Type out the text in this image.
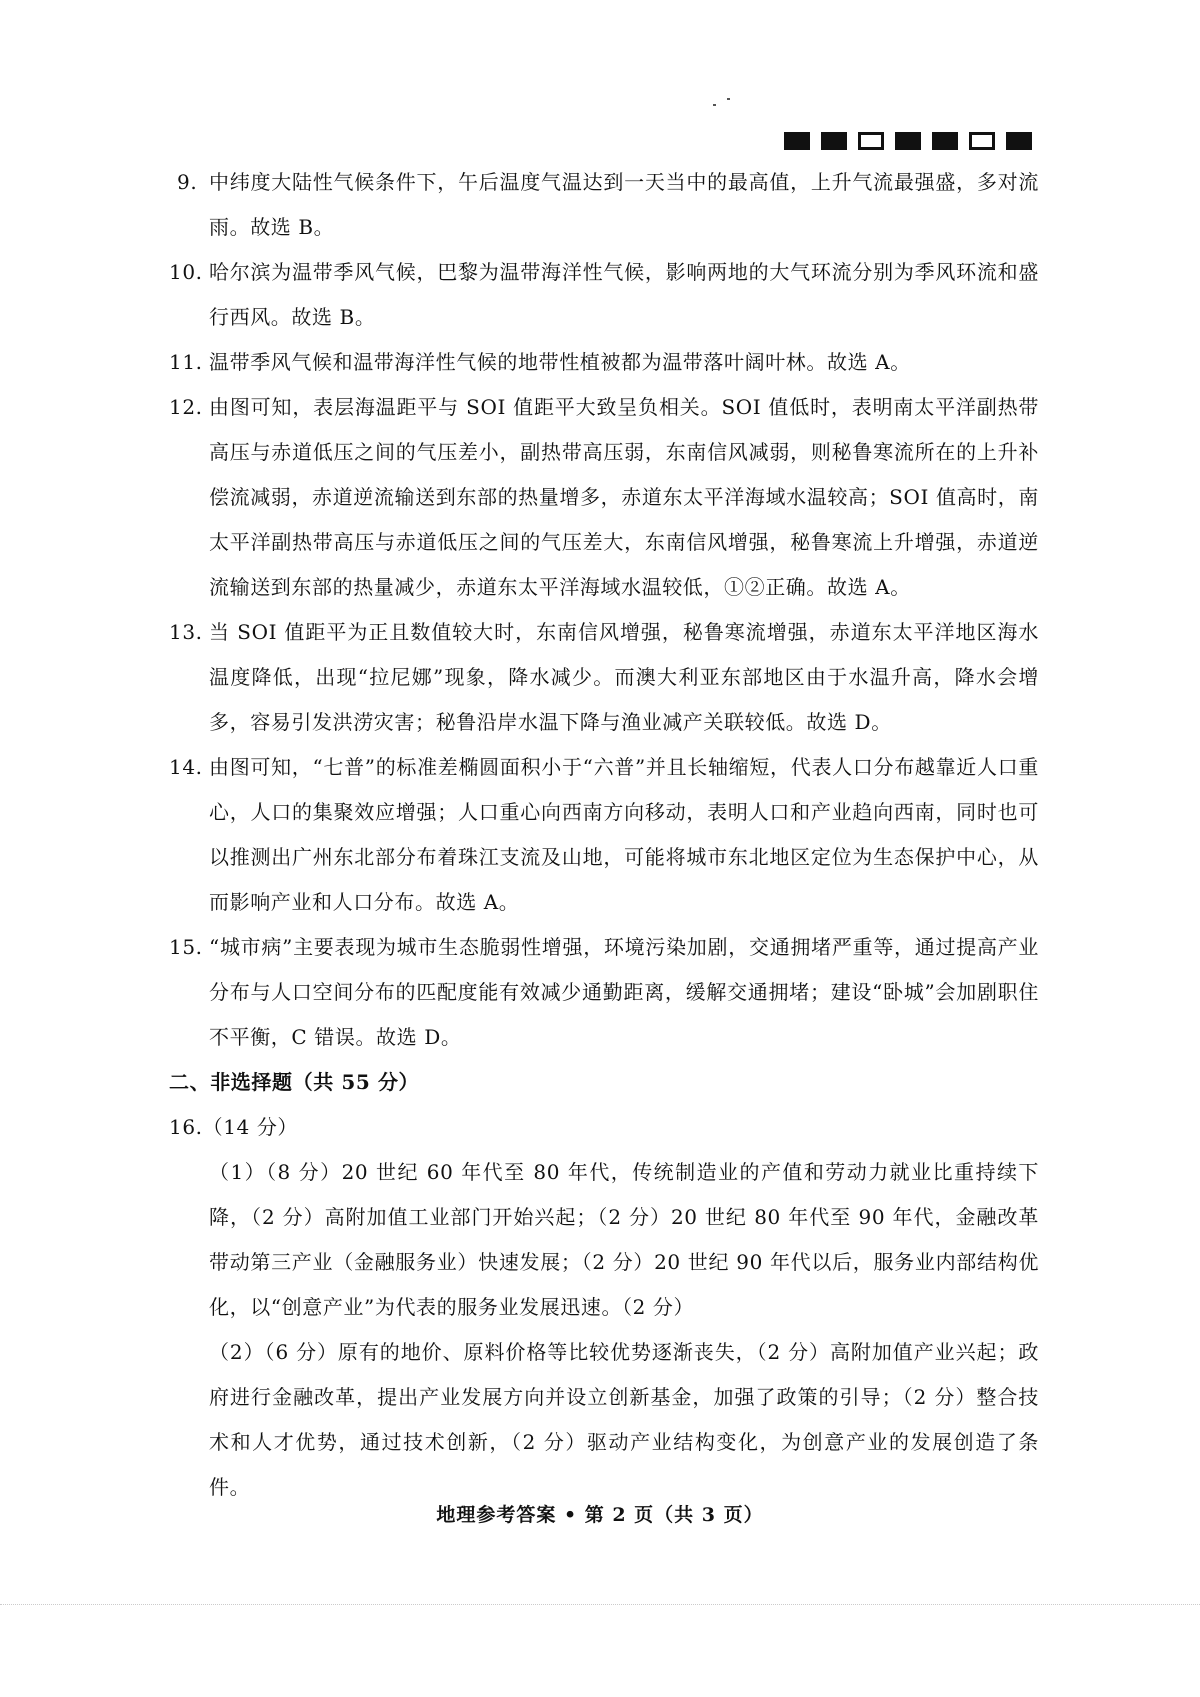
9. 中纬度大陆性气候条件下，午后温度气温达到一天当中的最高值，上升气流最强盛，多对流雨。故选 B。

10. 哈尔滨为温带季风气候，巴黎为温带海洋性气候，影响两地的大气环流分别为季风环流和盛行西风。故选 B。

11. 温带季风气候和温带海洋性气候的地带性植被都为温带落叶阔叶林。故选 A。

12. 由图可知，表层海温距平与 SOI 值距平大致呈负相关。SOI 值低时，表明南太平洋副热带高压与赤道低压之间的气压差小，副热带高压弱，东南信风减弱，则秘鲁寒流所在的上升补偿流减弱，赤道逆流输送到东部的热量增多，赤道东太平洋海域水温较高；SOI 值高时，南太平洋副热带高压与赤道低压之间的气压差大，东南信风增强，秘鲁寒流上升增强，赤道逆流输送到东部的热量减少，赤道东太平洋海域水温较低，①②正确。故选 A。

13. 当 SOI 值距平为正且数值较大时，东南信风增强，秘鲁寒流增强，赤道东太平洋地区海水温度降低，出现“拉尼娜”现象，降水减少。而澳大利亚东部地区由于水温升高，降水会增多，容易引发洪涝灾害；秘鲁沿岸水温下降与渔业减产关联较低。故选 D。

14. 由图可知，“七普”的标准差椭圆面积小于“六普”并且长轴缩短，代表人口分布越靠近人口重心，人口的集聚效应增强；人口重心向西南方向移动，表明人口和产业趋向西南，同时也可以推测出广州东北部分布着珠江支流及山地，可能将城市东北地区定位为生态保护中心，从而影响产业和人口分布。故选 A。

15. “城市病”主要表现为城市生态脆弱性增强，环境污染加剧，交通拥堵严重等，通过提高产业分布与人口空间分布的匹配度能有效减少通勤距离，缓解交通拥堵；建设“卧城”会加剧职住不平衡，C 错误。故选 D。

二、非选择题（共 55 分）

16.（14 分）

（1）（8 分）20 世纪 60 年代至 80 年代，传统制造业的产值和劳动力就业比重持续下降，（2 分）高附加值工业部门开始兴起；（2 分）20 世纪 80 年代至 90 年代，金融改革带动第三产业（金融服务业）快速发展；（2 分）20 世纪 90 年代以后，服务业内部结构优化，以“创意产业”为代表的服务业发展迅速。（2 分）

（2）（6 分）原有的地价、原料价格等比较优势逐渐丧失，（2 分）高附加值产业兴起；政府进行金融改革，提出产业发展方向并设立创新基金，加强了政策的引导；（2 分）整合技术和人才优势，通过技术创新，（2 分）驱动产业结构变化，为创意产业的发展创造了条件。

地理参考答案 • 第 2 页（共 3 页）
